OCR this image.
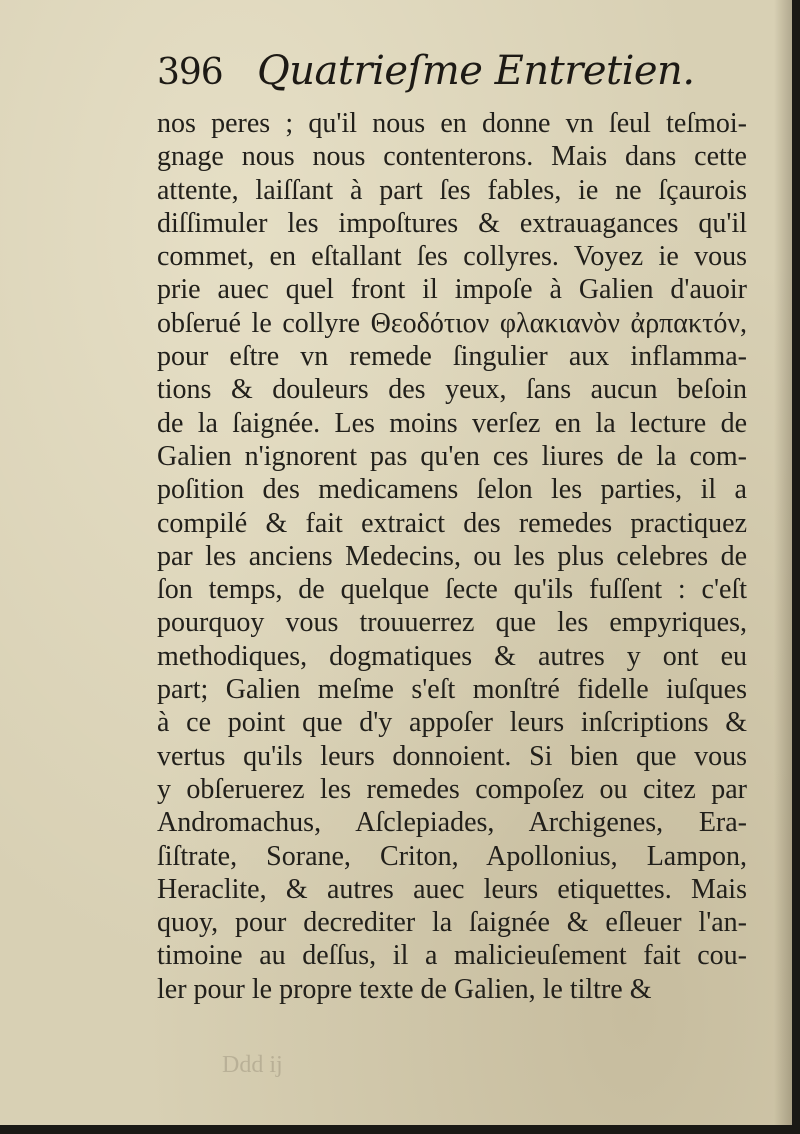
396 Quatrieſme Entretien.
nos peres ; qu'il nous en donne vn ſeul teſmoi-
gnage nous nous contenterons. Mais dans cette
attente, laiſſant à part ſes fables, ie ne ſçaurois
diſſimuler les impoſtures & extrauagances qu'il
commet, en eſtallant ſes collyres. Voyez ie vous
prie auec quel front il impoſe à Galien d'auoir
obſerué le collyre Θεοδότιον φλακιανὸν ἀρπακτόν,
pour eſtre vn remede ſingulier aux inflamma-
tions & douleurs des yeux, ſans aucun beſoin
de la ſaignée. Les moins verſez en la lecture de
Galien n'ignorent pas qu'en ces liures de la com-
poſition des medicamens ſelon les parties, il a
compilé & fait extraict des remedes practiquez
par les anciens Medecins, ou les plus celebres de
ſon temps, de quelque ſecte qu'ils fuſſent : c'eſt
pourquoy vous trouuerrez que les empyriques,
methodiques, dogmatiques & autres y ont eu
part; Galien meſme s'eſt monſtré fidelle iuſques
à ce point que d'y appoſer leurs inſcriptions &
vertus qu'ils leurs donnoient. Si bien que vous
y obſeruerez les remedes compoſez ou citez par
Andromachus, Aſclepiades, Archigenes, Era-
ſiſtrate, Sorane, Criton, Apollonius, Lampon,
Heraclite, & autres auec leurs etiquettes. Mais
quoy, pour decrediter la ſaignée & eſleuer l'an-
timoine au deſſus, il a malicieuſement fait cou-
ler pour le propre texte de Galien, le tiltre &
Ddd ij
